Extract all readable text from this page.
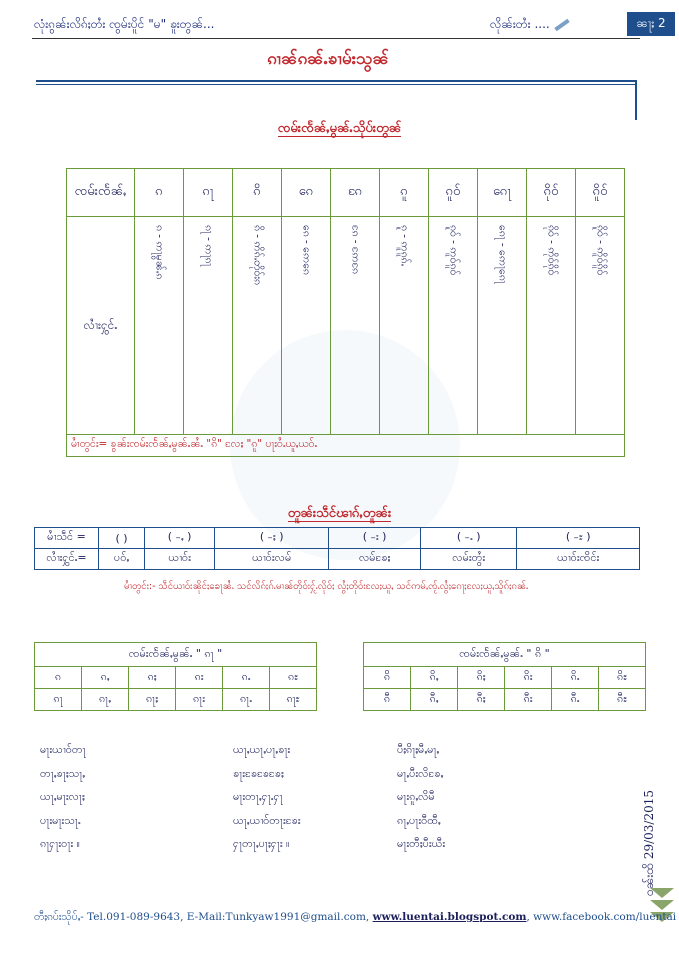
လုံးၵွၼ်းလိၵ်ႈတႆး ၸွမ်းပိူင် "မ" ၶူးတွၼ်...	လိုၼ်းတႆး ....	ၼႃႈ 2
ၵၢၼ်ၵၼ်ႉၶၢမ်းသွၼ်
ၸမ်းၸႅၼ်ႇမွၼ်ႉသိုပ်းတွၼ်
ၸမ်းၸႅၼ်ႇ	ၵ	ၵႃ	ၵိ	ၵေ	ၵႄ	ၵူ	ၵူဝ်	ၵေႃ	ၵိုဝ်	ၵိူဝ်
လၢႆးႁွင်ႉ	ၵ - ဢႃမွၼ်ႉၵ	ၵႃ - ဢႃၵႃ	ၵိ - ဢိၵ်ႉတိုဝ်းၵ	ၵေ - ဢေၵေ	ၵႄ - ဢႄၵႄ	ၵူ - ဢူၵူၵ်ႉ	ၵူဝ် - ဢူဝ်ၵူဝ်	ၵေႃ - ဢေႃၵေႃ	ၵိုဝ် - ဢိုဝ်ၵိုဝ်	ၵိူဝ် - ဢိူဝ်ၵိူဝ်

မၢႆတွင်း= ၶွၼ်းၸမ်းၸႅၼ်ႇမွၼ်ႉၼႆႉ "ၵိ" လႄႈ "ၵူ" ပႃးဝႆႉယူႇယဝ်ႉ										
တူၼ်းသဵင်ၽၢၵ်ႇတူၼ်း
မၢႆသဵင် =	( )	( -ႇ )	( -ႈ )	( -း )	( -ႉ )	( -ႊ )
လၢႆးႁွင်ႉ=	ပဝ်ႇ	ယၢဝ်း	ယၢဝ်းလမ်	လမ်ၶႄႈ	လမ်းတွႆး	ယၢဝ်းၸိင်း
မၢႆတွင်း:- သဵင်ယၢဝ်းၼိုင်ႈၶေႃၼႆႉ သင်လိၵ်ႈၵ်ႉမၢၼ်တိုဝ်းႁႂ်ႉလိုဝ်ႈ လွႆႈတိုဝ်းလႄႈယူႇ သင်ဢမ်ႇၸႂ်ႉလွႆႈၵေႃႈလႄႈယူႇသိူၵ်ႈၵၼ်ႉ
ၸမ်းၸႅၼ်ႇမွၼ်ႉ " ၵႃ "					
ၵ	ၵႇ	ၵႈ	ၵး	ၵႉ	ၵႊ
ၵႃ	ၵႃႇ	ၵႃႈ	ၵႃး	ၵႃႉ	ၵႃႊ
ၸမ်းၸႅၼ်ႇမွၼ်ႉ " ၵိ "					
ၵိ	ၵိႇ	ၵိႈ	ၵိး	ၵိႉ	ၵိႊ
ၵီ	ၵီႇ	ၵီႈ	ၵီး	ၵီႉ	ၵီႊ
မႃးယၢဝ်တႃ
တႃႇၶႃႈသႃႇ
ယႃႇမႃးလႃႈ
ပႃးမႃးသႃႉ
ၵႃႁႃးဝႃး ။
ယႃႇယႃႇပႃႇၶႃး
ၶႃးၶႄၶႄၶႄႈ
မႃးတႃႇႁႃႉႁႃ
ယႃႇယၢဝ်တႃးၶႄး
ႁႃတႃႇပႃႈႁႃး ။
ပီႈၵိႃႈမီႇမႃႇ
မႃႇပီးလိၶႄႇ
မႃးၵူႇလိမီ
ၵႃႇပႃးဝီထီႇ
မႃးတီႈပီးယီး	ဝၼ်းထိ 29/03/2015
တီႈၵပ်းသိုပ်ႇ- Tel.091-089-9643, E-Mail:Tunkyaw1991@gmail.com, www.luentai.blogspot.com, www.facebook.com/luentai
